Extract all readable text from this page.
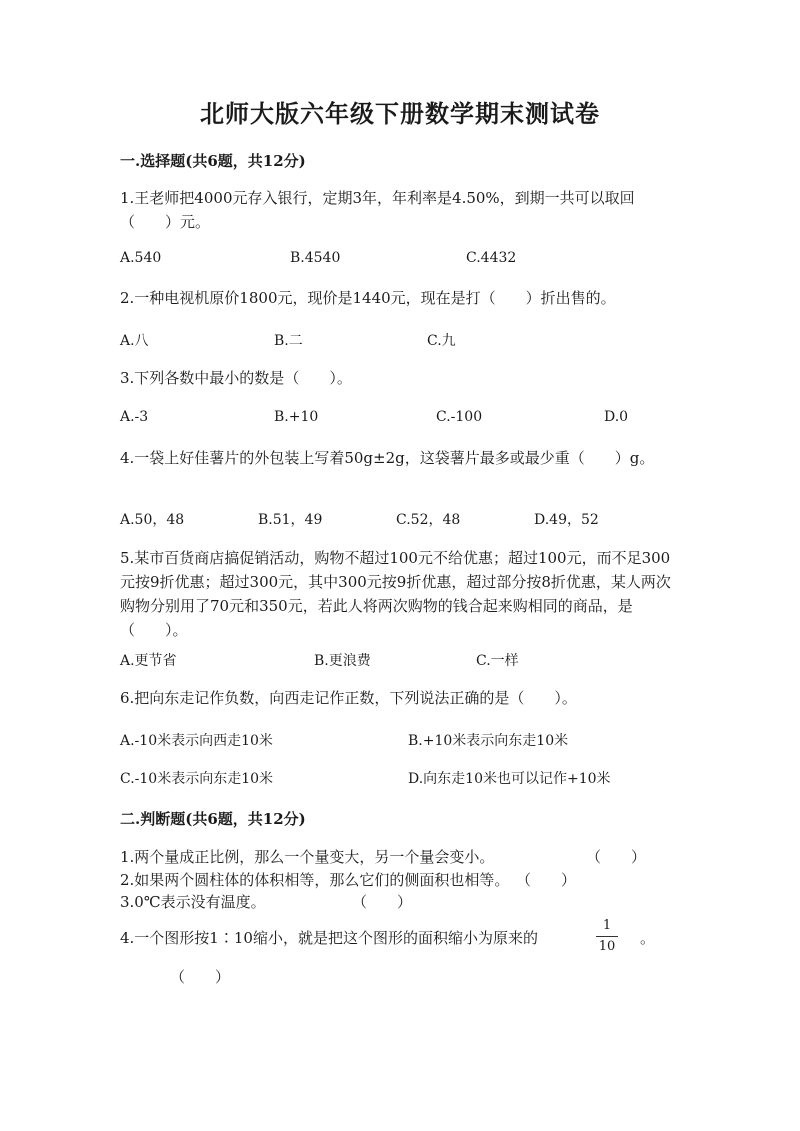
北师大版六年级下册数学期末测试卷
一.选择题(共6题，共12分)
1.王老师把4000元存入银行，定期3年，年利率是4.50%，到期一共可以取回（　　）元。
A.540	B.4540	C.4432
2.一种电视机原价1800元，现价是1440元，现在是打（　　）折出售的。
A.八	B.二	C.九
3.下列各数中最小的数是（　　）。
A.-3	B.+10	C.-100	D.0
4.一袋上好佳薯片的外包装上写着50g±2g，这袋薯片最多或最少重（　　）g。
A.50，48	B.51，49	C.52，48	D.49，52
5.某市百货商店搞促销活动，购物不超过100元不给优惠；超过100元，而不足300元按9折优惠；超过300元，其中300元按9折优惠，超过部分按8折优惠，某人两次购物分别用了70元和350元，若此人将两次购物的钱合起来购相同的商品，是（　　）。
A.更节省	B.更浪费	C.一样
6.把向东走记作负数，向西走记作正数，下列说法正确的是（　　）。
A.-10米表示向西走10米	B.+10米表示向东走10米
C.-10米表示向东走10米	D.向东走10米也可以记作+10米
二.判断题(共6题，共12分)
1.两个量成正比例，那么一个量变大，另一个量会变小。	（　　）
2.如果两个圆柱体的体积相等，那么它们的侧面积也相等。 （　　）
3.0℃表示没有温度。	（　　）
4.一个图形按1∶10缩小，就是把这个图形的面积缩小为原来的
1
10 。
（　　）
